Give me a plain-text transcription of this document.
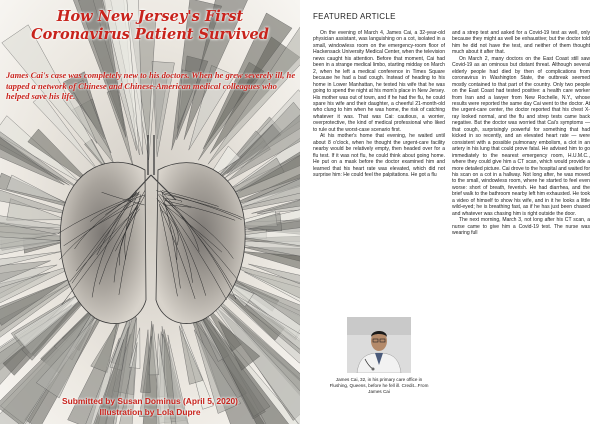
How New Jersey's First
Coronavirus Patient Survived
James Cai's case was completely new to his doctors. When he grew severely ill, he tapped a network of Chinese and Chinese-American medical colleagues who helped save his life.
Submitted by Susan Dominus (April 5, 2020)
Illustration by Lola Dupre
FEATURED ARTICLE

On the evening of March 4, James Cai, a 32-year-old physician assistant, was languishing on a cot, isolated in a small, windowless room on the emergency-room floor of Hackensack University Medical Center, when the television news caught his attention. Before that moment, Cai had been in a strange medical limbo, starting midday on March 2, when he left a medical conference in Times Square because he had a bad cough. Instead of heading to his home in Lower Manhattan, he texted his wife that he was going to spend the night at his mom's place in New Jersey. His mother was out of town, and if he had the flu, he could spare his wife and their daughter, a cheerful 21-month-old who clung to him when he was home, the risk of catching whatever it was. That was Cai: cautious, a worrier, overprotective, the kind of medical professional who liked to rule out the worst-case scenario first.

At his mother's home that evening, he waited until about 8 o'clock, when he thought the urgent-care facility nearby would be relatively empty, then headed over for a flu test. If it was not flu, he could think about going home. He put on a mask before the doctor examined him and learned that his heart rate was elevated, which did not surprise him: He could feel the palpitations. He got a flu

and a strep test and asked for a Covid-19 test as well, only because they might as well be exhaustive; but the doctor told him he did not have the test, and neither of them thought much about it after that.

On March 2, many doctors on the East Coast still saw Covid-19 as an ominous but distant threat. Although several elderly people had died by then of complications from coronavirus in Washington State, the outbreak seemed mostly contained to that part of the country. Only two people on the East Coast had tested positive: a health care worker from Iran and a lawyer from New Rochelle, N.Y., whose results were reported the same day Cai went to the doctor. At the urgent-care center, the doctor reported that his chest X-ray looked normal, and the flu and strep tests came back negative. But the doctor was worried that Cai's symptoms — that cough, surprisingly powerful for something that had kicked in so recently, and an elevated heart rate — were consistent with a possible pulmonary embolism, a clot in an artery in his lung that could prove fatal. He advised him to go immediately to the nearest emergency room, H.U.M.C., where they could give him a CT scan, which would provide a more detailed picture. Cai drove to the hospital and waited for his scan on a cot in a hallway. Not long after, he was moved to the small, windowless room, where he started to feel even worse: short of breath, feverish. He had diarrhea, and the brief walk to the bathroom nearby left him exhausted. He took a video of himself to show his wife, and in it he looks a little wild-eyed; he is breathing fast, as if he has just been chased and whatever was chasing him is right outside the door.

The next morning, March 3, not long after his CT scan, a nurse came to give him a Covid-19 test. The nurse was wearing full

James Cai, 32, in his primary care office in Flushing, Queens, before he fell ill. Credit...From James Cai
